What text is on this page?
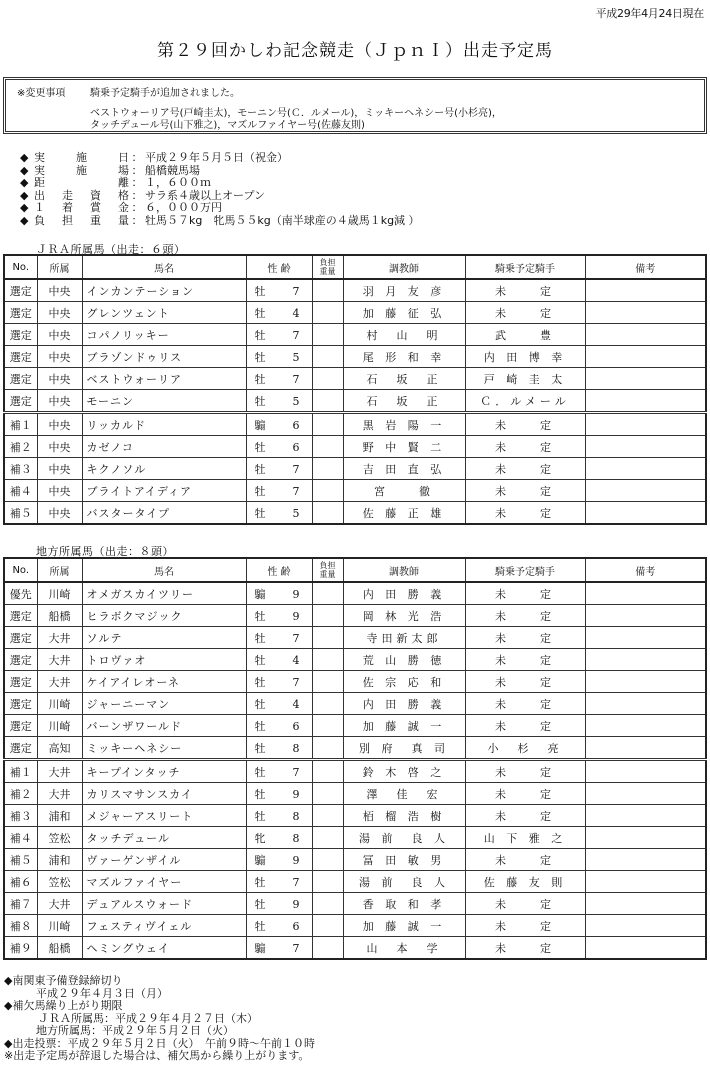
平成29年4月24日現在
第２９回かしわ記念競走（ＪｐｎＩ）出走予定馬
※変更事項 騎乗予定騎手が追加されました。
ベストウォーリア号(戸崎圭太)，モーニン号(Ｃ．ルメール)，ミッキーヘネシー号(小杉亮)，
タッチデュール号(山下雅之)，マズルファイヤー号(佐藤友則)
◆ 実	施	日 ： 平成２９年５月５日（祝金）
◆ 実	施	場 ： 船橋競馬場
◆ 距	離 ： １，６００ｍ
◆ 出 走 資 格 ： サラ系４歳以上オープン
◆ １ 着 賞 金 ： ６，０００万円
◆ 負 担 重 量 ： 牡馬５７kg　牝馬５５kg（南半球産の４歳馬１kg減 ）
ＪＲＡ所属馬（出走：６頭）
No.	所属	馬名	性 齢	負担
重量	調教師	騎乗予定騎手	備考
選定	中央	インカンテーション	牡 7		羽 月 友 彦	未　　定	
選定	中央	グレンツェント	牡 4		加 藤 征 弘	未　　定	
選定	中央	コパノリッキー	牡 7		村　山　明	武　　豊	
選定	中央	ブラゾンドゥリス	牡 5		尾 形 和 幸	内 田 博 幸	
選定	中央	ベストウォーリア	牡 7		石　坂　正	戸 崎 圭 太	
選定	中央	モーニン	牡 5		石　坂　正	Ｃ．ルメール	
補１	中央	リッカルド	騸 6		黒 岩 陽 一	未　　定	
補２	中央	カゼノコ	牡 6		野 中 賢 二	未　　定	
補３	中央	キクノソル	牡 7		吉 田 直 弘	未　　定	
補４	中央	ブライトアイディア	牡 7		宮　　徹	未　　定	
補５	中央	バスタータイプ	牡 5		佐 藤 正 雄	未　　定	
地方所属馬（出走：８頭）
No.	所属	馬名	性 齢	負担
重量	調教師	騎乗予定騎手	備考
優先	川崎	オメガスカイツリー	騸 9		内 田 勝 義	未　　定	
選定	船橋	ヒラボクマジック	牡 9		岡 林 光 浩	未　　定	
選定	大井	ソルテ	牡 7		寺田新太郎	未　　定	
選定	大井	トロヴァオ	牡 4		荒 山 勝 徳	未　　定	
選定	大井	ケイアイレオーネ	牡 7		佐 宗 応 和	未　　定	
選定	川崎	ジャーニーマン	牡 4		内 田 勝 義	未　　定	
選定	川崎	バーンザワールド	牡 6		加 藤 誠 一	未　　定	
選定	高知	ミッキーヘネシー	牡 8		別 府　真 司	小　杉　亮	
補１	大井	キープインタッチ	牡 7		鈴 木 啓 之	未　　定	
補２	大井	カリスマサンスカイ	牡 9		澤　佳　宏	未　　定	
補３	浦和	メジャーアスリート	牡 8		栢 榴 浩 樹	未　　定	
補４	笠松	タッチデュール	牝 8		湯 前　良 人	山 下 雅 之	
補５	浦和	ヴァーゲンザイル	騸 9		冨 田 敏 男	未　　定	
補６	笠松	マズルファイヤー	牡 7		湯 前　良 人	佐 藤 友 則	
補７	大井	デュアルスウォード	牡 9		香 取 和 孝	未　　定	
補８	川崎	フェスティヴイェル	牡 6		加 藤 誠 一	未　　定	
補９	船橋	ヘミングウェイ	騸 7		山　本　学	未　　定	
◆南関東予備登録締切り
平成２９年４月３日（月）
◆補欠馬繰り上がり期限
ＪＲＡ所属馬：平成２９年４月２７日（木）
地方所属馬：平成２９年５月２日（火）
◆出走投票：平成２９年５月２日（火）　午前９時～午前１０時
※出走予定馬が辞退した場合は、補欠馬から繰り上がります。
